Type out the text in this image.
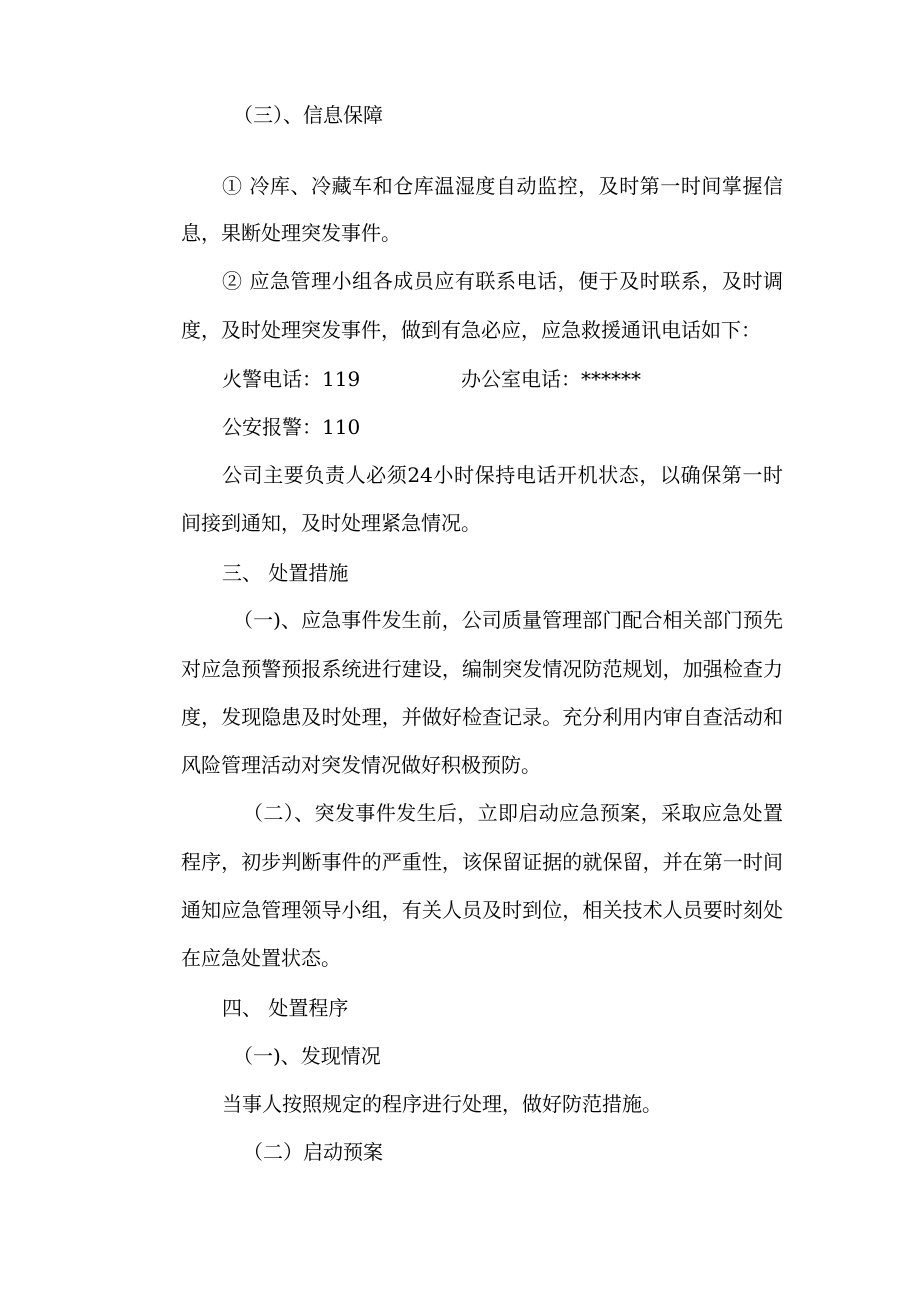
（三）、信息保障
① 冷库、冷藏车和仓库温湿度自动监控，及时第一时间掌握信
息，果断处理突发事件。
② 应急管理小组各成员应有联系电话，便于及时联系，及时调
度，及时处理突发事件，做到有急必应，应急救援通讯电话如下：
火警电话：119	办公室电话：******
公安报警：110
公司主要负责人必须24小时保持电话开机状态，以确保第一时
间接到通知，及时处理紧急情况。
三、 处置措施
（一)、应急事件发生前，公司质量管理部门配合相关部门预先
对应急预警预报系统进行建设，编制突发情况防范规划，加强检查力
度，发现隐患及时处理，并做好检查记录。充分利用内审自查活动和
风险管理活动对突发情况做好积极预防。
（二）、突发事件发生后，立即启动应急预案，采取应急处置
程序，初步判断事件的严重性，该保留证据的就保留，并在第一时间
通知应急管理领导小组，有关人员及时到位，相关技术人员要时刻处
在应急处置状态。
四、 处置程序
（一)、发现情况
当事人按照规定的程序进行处理，做好防范措施。
（二）启动预案
